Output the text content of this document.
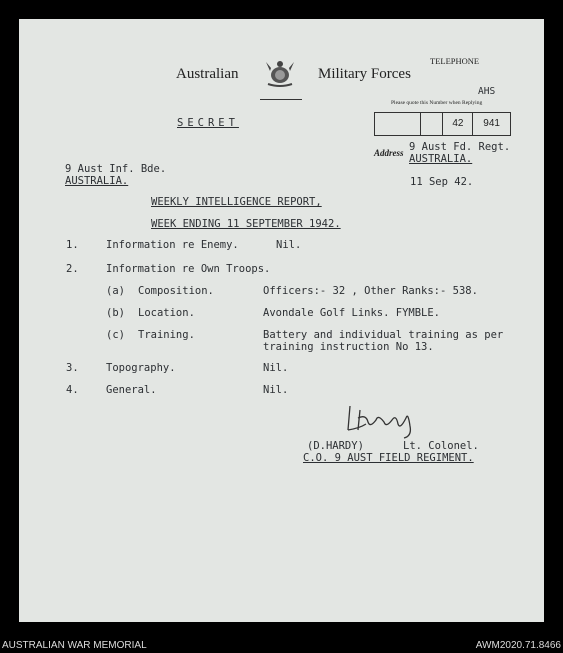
Australian	Military Forces
TELEPHONE
AHS
Please quote this Number when Replying
42	941
Address 9 Aust Fd. Regt.
AUSTRALIA.
11 Sep 42.
SECRET
9 Aust Inf. Bde.
AUSTRALIA.
WEEKLY INTELLIGENCE REPORT,
WEEK ENDING 11 SEPTEMBER 1942.
1.	Information re Enemy.	Nil.
2.	Information re Own Troops.
(a) Composition.	Officers:- 32 , Other Ranks:- 538.
(b) Location.	Avondale Golf Links. FYMBLE.
(c) Training.	Battery and individual training as per
training instruction No 13.
3.	Topography.	Nil.
4.	General.	Nil.
(D.HARDY)	Lt. Colonel.
C.O. 9 AUST FIELD REGIMENT.
AUSTRALIAN WAR MEMORIAL	AWM2020.71.8466
